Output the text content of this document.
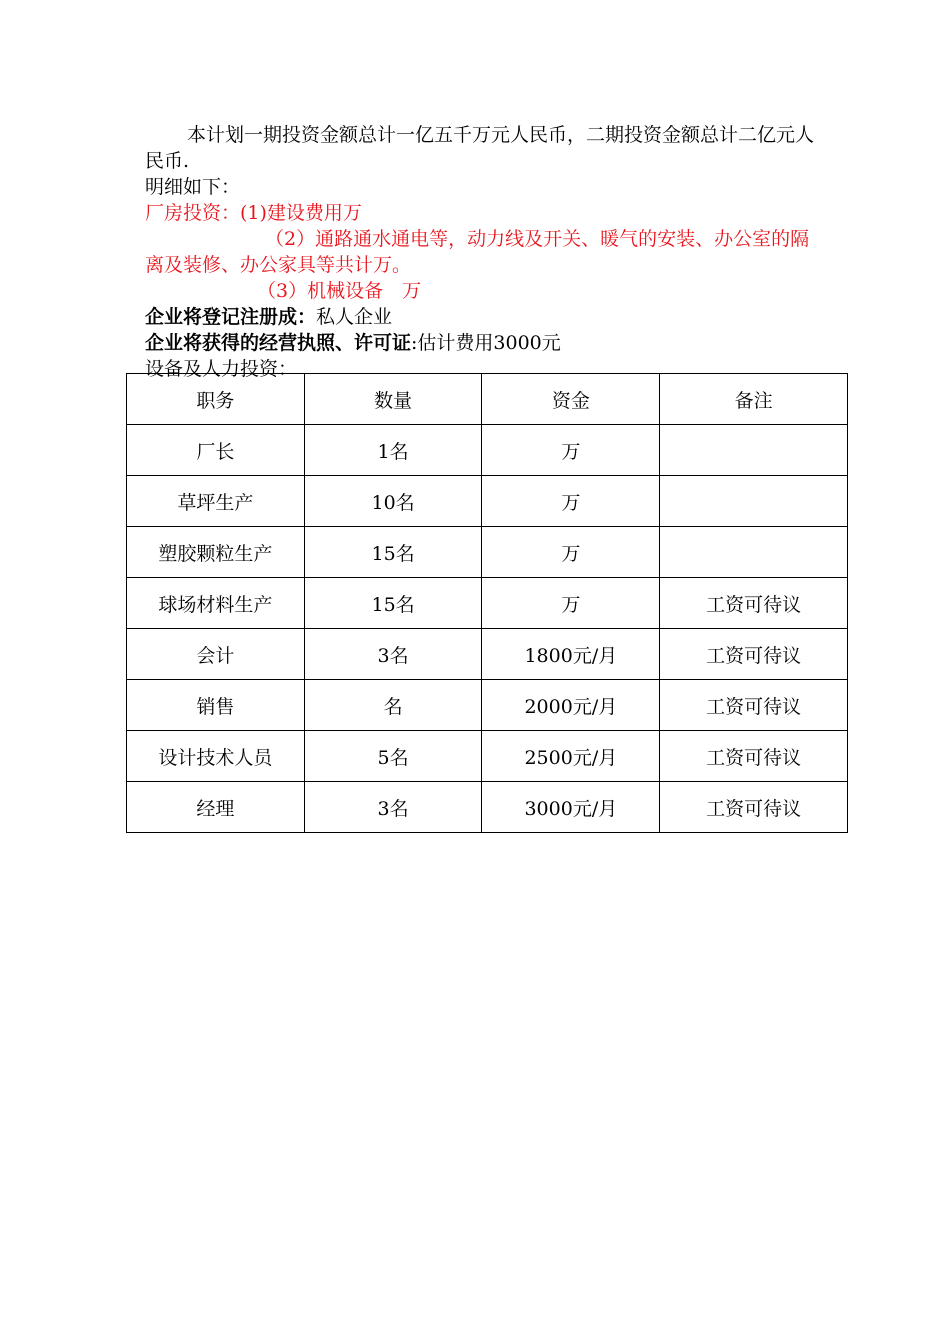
本计划一期投资金额总计一亿五千万元人民币，二期投资金额总计二亿元人民币.

明细如下：

厂房投资：(1)建设费用万

（2）通路通水通电等，动力线及开关、暖气的安装、办公室的隔离及装修、办公家具等共计万。

（3）机械设备　万

企业将登记注册成：私人企业

企业将获得的经营执照、许可证:估计费用3000元

设备及人力投资：

职务	数量	资金	备注
厂长	1名	万	
草坪生产	10名	万	
塑胶颗粒生产	15名	万	
球场材料生产	15名	万	工资可待议
会计	3名	1800元/月	工资可待议
销售	名	2000元/月	工资可待议
设计技术人员	5名	2500元/月	工资可待议
经理	3名	3000元/月	工资可待议
